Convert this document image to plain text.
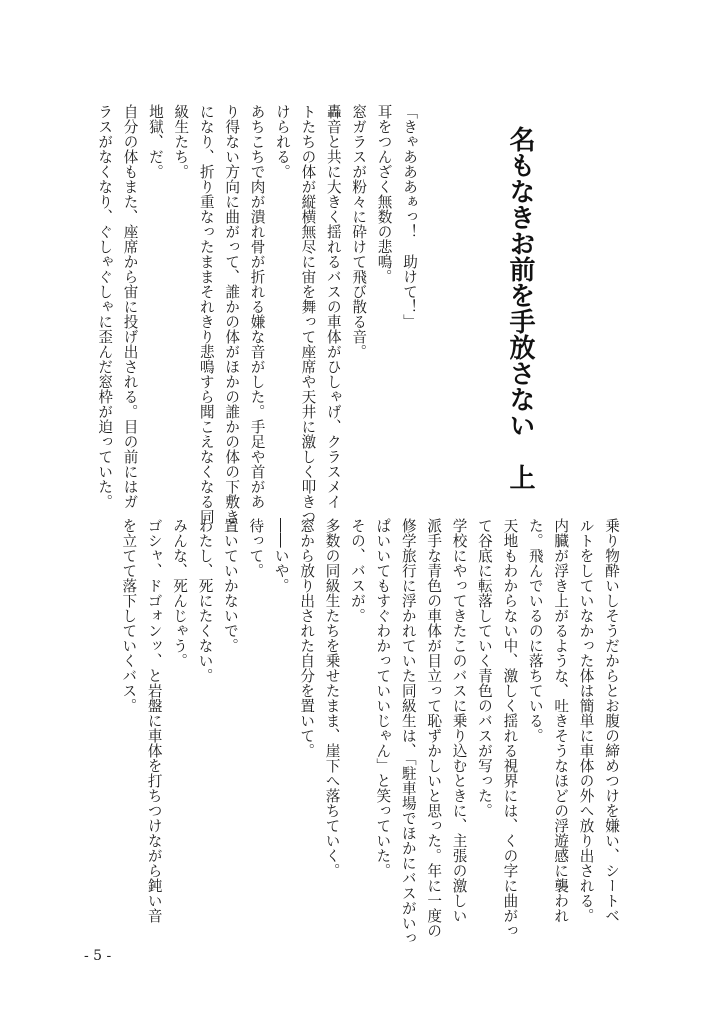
名もなきお前を手放さない　上

「きゃあああぁっ！　助けて！」

耳をつんざく無数の悲鳴。

窓ガラスが粉々に砕けて飛び散る音。

轟音と共に大きく揺れるバスの車体がひしゃげ、クラスメイ

トたちの体が縦横無尽に宙を舞って座席や天井に激しく叩きつ

けられる。

あちこちで肉が潰れ骨が折れる嫌な音がした。手足や首があ

り得ない方向に曲がって、誰かの体がほかの誰かの体の下敷き

になり、折り重なったままそれきり悲鳴すら聞こえなくなる同

級生たち。

地獄、だ。

自分の体もまた、座席から宙に投げ出される。目の前にはガ

ラスがなくなり、ぐしゃぐしゃに歪んだ窓枠が迫っていた。

乗り物酔いしそうだからとお腹の締めつけを嫌い、シートベ

ルトをしていなかった体は簡単に車体の外へ放り出される。

内臓が浮き上がるような、吐きそうなほどの浮遊感に襲われ

た。飛んでいるのに落ちている。

天地もわからない中、激しく揺れる視界には、くの字に曲がっ

て谷底に転落していく青色のバスが写った。

学校にやってきたこのバスに乗り込むときに、主張の激しい

派手な青色の車体が目立って恥ずかしいと思った。年に一度の

修学旅行に浮かれていた同級生は、「駐車場でほかにバスがいっ

ぱいいてもすぐわかっていいじゃん」と笑っていた。

その、バスが。

多数の同級生たちを乗せたまま、崖下へ落ちていく。

窓から放り出された自分を置いて。

――いや。

待って。

置いていかないで。

わたし、死にたくない。

みんな、死んじゃう。

ゴシャ、ドゴォンッ、と岩盤に車体を打ちつけながら鈍い音

を立てて落下していくバス。

- 5 -
